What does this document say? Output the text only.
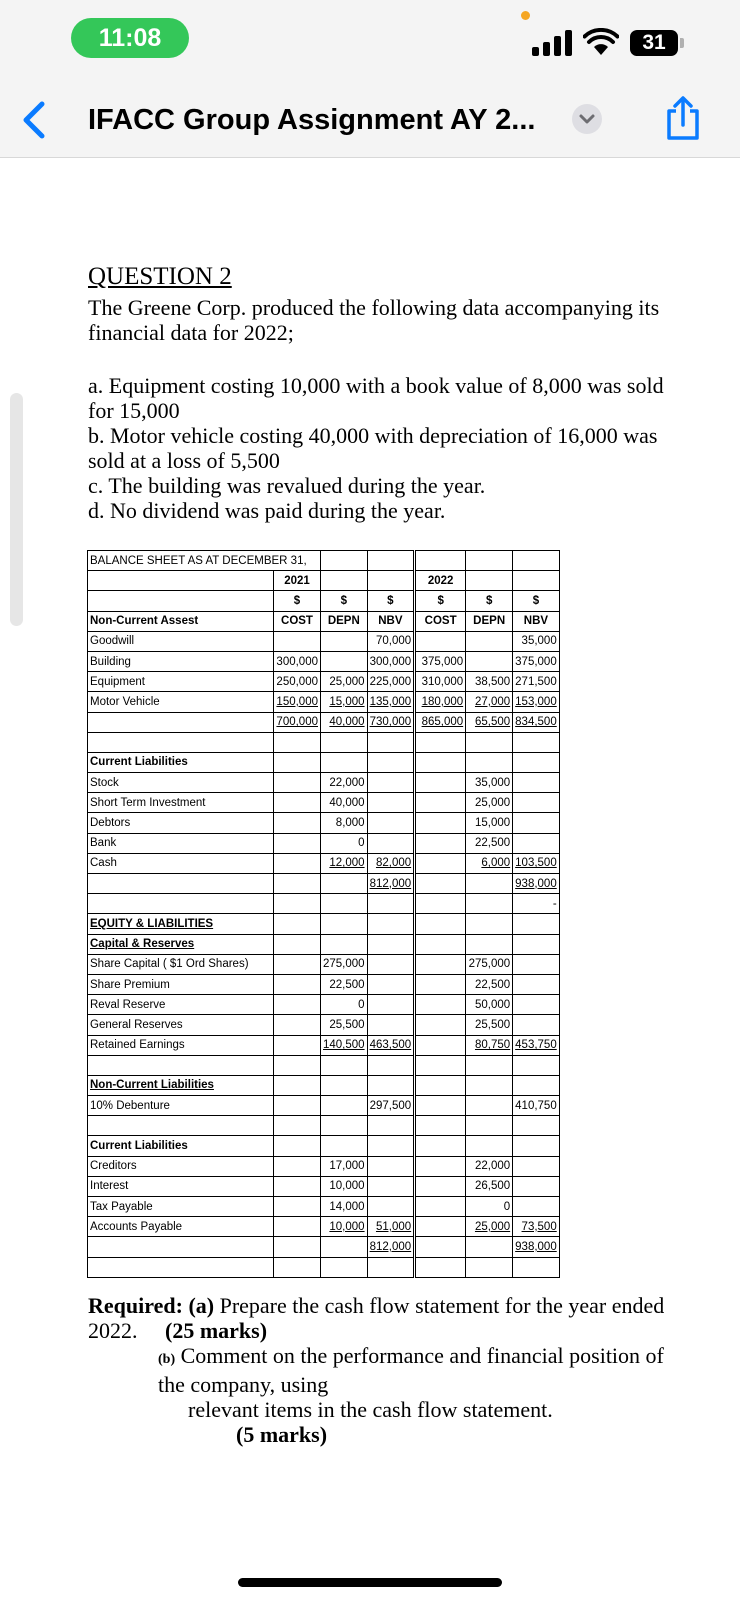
11:08	31
IFACC Group Assignment AY 2...
QUESTION 2
The Greene Corp. produced the following data accompanying its financial data for 2022;
a. Equipment costing 10,000 with a book value of 8,000 was sold for 15,000
b. Motor vehicle costing 40,000 with depreciation of 16,000 was sold at a loss of 5,500
c. The building was revalued during the year.
d. No dividend was paid during the year.
BALANCE SHEET AS AT DECEMBER 31,						
	2021			2022		
	$	$	$	$	$	$
Non-Current Assest	COST	DEPN	NBV	COST	DEPN	NBV
Goodwill			70,000			35,000
Building	300,000		300,000	375,000		375,000
Equipment	250,000	25,000	225,000	310,000	38,500	271,500
Motor Vehicle	150,000	15,000	135,000	180,000	27,000	153,000
	700,000	40,000	730,000	865,000	65,500	834,500

Current Liabilities						
Stock		22,000			35,000	
Short Term Investment		40,000			25,000	
Debtors		8,000			15,000	
Bank		0			22,500	
Cash		12,000	82,000		6,000	103,500
			812,000			938,000
						-
EQUITY & LIABILITIES						
Capital & Reserves						
Share Capital ( $1 Ord Shares)		275,000			275,000	
Share Premium		22,500			22,500	
Reval Reserve		0			50,000	
General Reserves		25,500			25,500	
Retained Earnings		140,500	463,500		80,750	453,750

Non-Current Liabilities						
10% Debenture			297,500			410,750

Current Liabilities						
Creditors		17,000			22,000	
Interest		10,000			26,500	
Tax Payable		14,000			0	
Accounts Payable		10,000	51,000		25,000	73,500
			812,000			938,000

Required: (a) Prepare the cash flow statement for the year ended 2022. (25 marks)
(b) Comment on the performance and financial position of the company, using
relevant items in the cash flow statement.
(5 marks)
